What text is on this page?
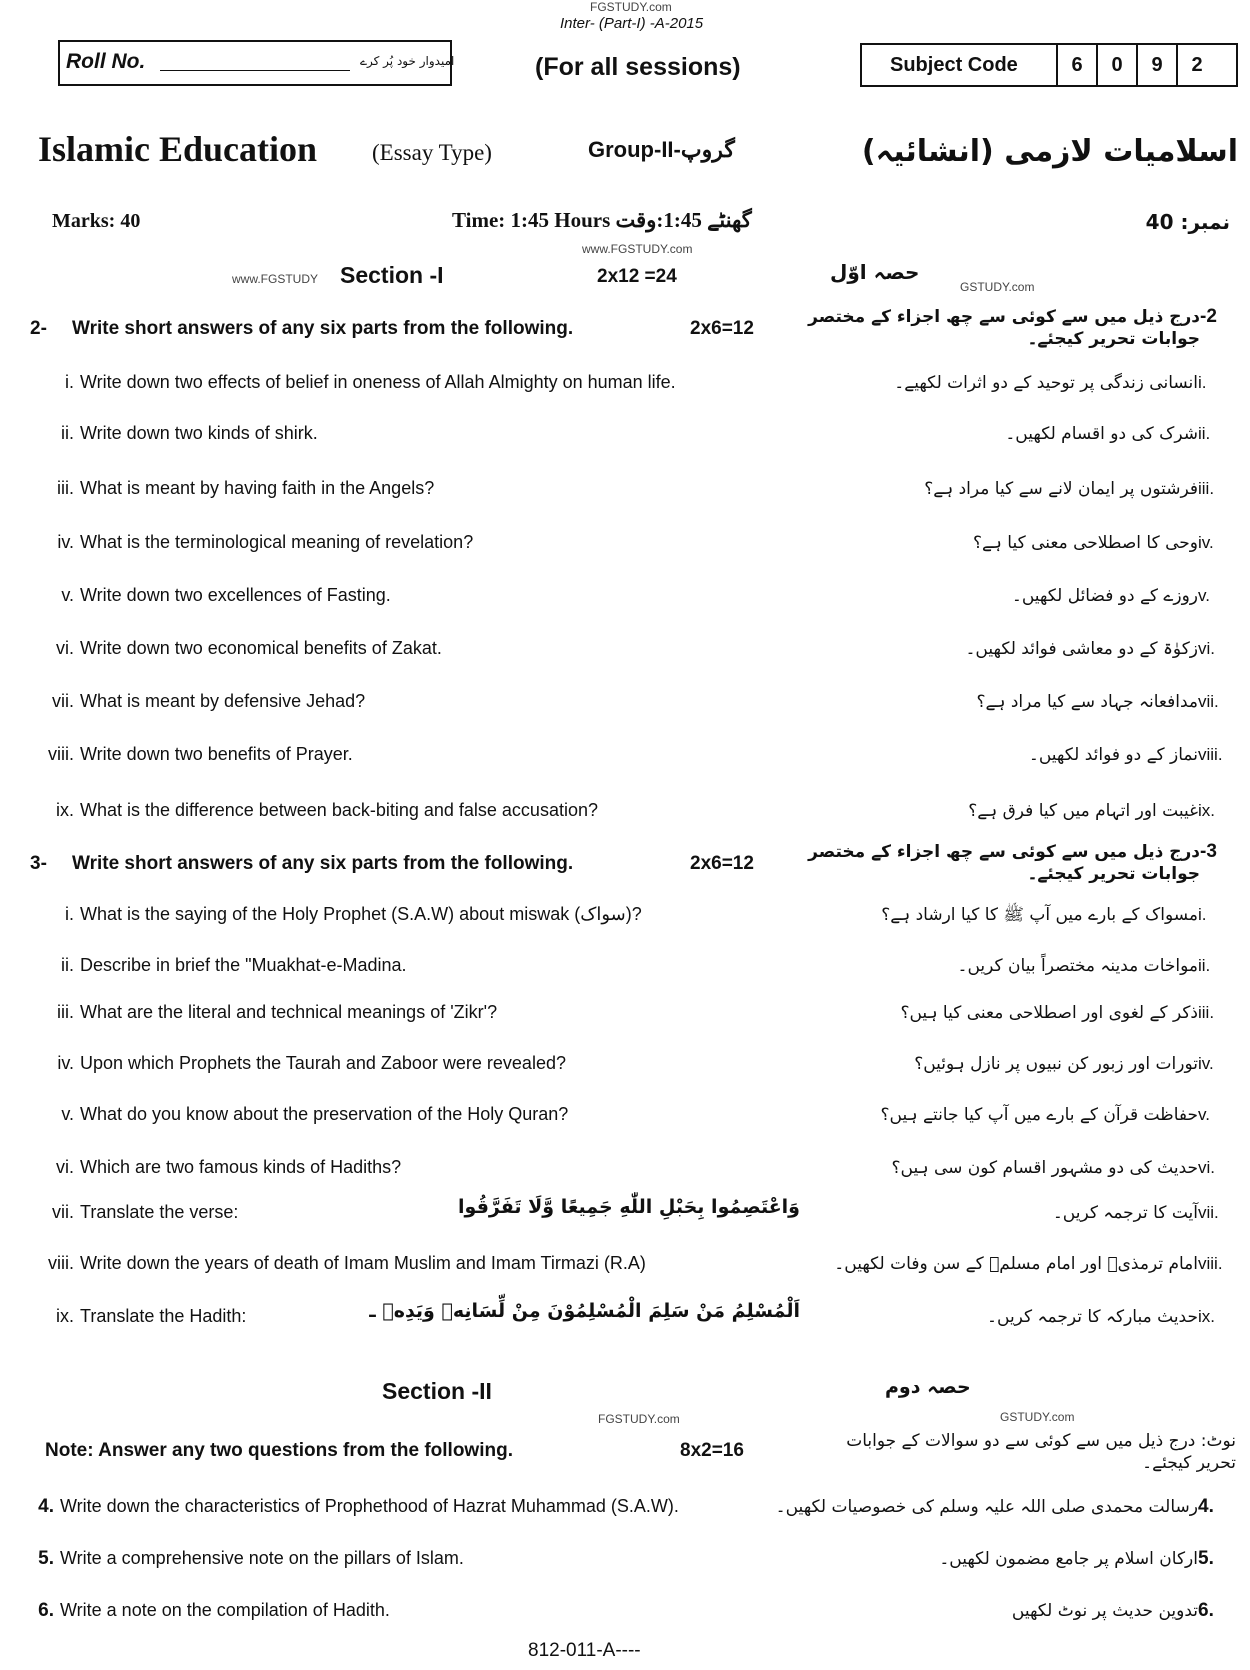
FGSTUDY.com
Inter- (Part-I) -A-2015
Roll No.	امیدوار خود پُر کرے	(For all sessions)	Subject Code	6	0	9	2
Islamic Education (Essay Type)	Group-II-گروپ	اسلامیات لازمی (انشائیہ)
Marks: 40	Time: 1:45 Hours گھنٹے 1:45:وقت
www.FGSTUDY.com
نمبر: 40
www.FGSTUDY Section -I	2x12 =24	حصہ اوّل
GSTUDY.com
2-	Write short answers of any six parts from the following.	2x6=12
-2
درج ذیل میں سے کوئی سے چھ اجزاء کے مختصر جوابات تحریر کیجئے۔
i. Write down two effects of belief in oneness of Allah Almighty on human life.	i.
انسانی زندگی پر توحید کے دو اثرات لکھیے۔
ii. Write down two kinds of shirk.	ii.
شرک کی دو اقسام لکھیں۔
iii. What is meant by having faith in the Angels?	iii.
فرشتوں پر ایمان لانے سے کیا مراد ہے؟
iv. What is the terminological meaning of revelation?	iv.
وحی کا اصطلاحی معنی کیا ہے؟
v. Write down two excellences of Fasting.	v.
روزے کے دو فضائل لکھیں۔
vi. Write down two economical benefits of Zakat.	vi.
زکوٰۃ کے دو معاشی فوائد لکھیں۔
vii. What is meant by defensive Jehad?	vii.
مدافعانہ جہاد سے کیا مراد ہے؟
viii. Write down two benefits of Prayer.	viii.
نماز کے دو فوائد لکھیں۔
ix. What is the difference between back-biting and false accusation?	ix.
غیبت اور اتہام میں کیا فرق ہے؟
3-	Write short answers of any six parts from the following.	2x6=12
-3
درج ذیل میں سے کوئی سے چھ اجزاء کے مختصر جوابات تحریر کیجئے۔
i. What is the saying of the Holy Prophet (S.A.W) about miswak (سواک)?	i.
مسواک کے بارے میں آپ ﷺ کا کیا ارشاد ہے؟
ii. Describe in brief the "Muakhat-e-Madina.	ii.
مواخات مدینہ مختصراً بیان کریں۔
iii. What are the literal and technical meanings of 'Zikr'?	iii.
ذکر کے لغوی اور اصطلاحی معنی کیا ہیں؟
iv. Upon which Prophets the Taurah and Zaboor were revealed?	iv.
تورات اور زبور کن نبیوں پر نازل ہوئیں؟
v. What do you know about the preservation of the Holy Quran?	v.
حفاظت قرآن کے بارے میں آپ کیا جانتے ہیں؟
vi. Which are two famous kinds of Hadiths?	vi.
حدیث کی دو مشہور اقسام کون سی ہیں؟
vii. Translate the verse:	وَاعْتَصِمُوا بِحَبْلِ اللّٰهِ جَمِيعًا وَّلَا تَفَرَّقُوا	vii.
آیت کا ترجمہ کریں۔
viii. Write down the years of death of Imam Muslim and Imam Tirmazi (R.A)	viii.
امام ترمذیؒ اور امام مسلمؒ کے سن وفات لکھیں۔
ix. Translate the Hadith:	اَلْمُسْلِمُ مَنْ سَلِمَ الْمُسْلِمُوْنَ مِنْ لِّسَانِهٖ وَيَدِهٖ ـ	ix.
حدیث مبارکہ کا ترجمہ کریں۔
Section -II	حصہ دوم
FGSTUDY.com	GSTUDY.com
Note: Answer any two questions from the following.	8x2=16	نوٹ: درج ذیل میں سے کوئی سے دو سوالات کے جوابات تحریر کیجئے۔
4. Write down the characteristics of Prophethood of Hazrat Muhammad (S.A.W).	4.
رسالت محمدی صلی اللہ علیہ وسلم کی خصوصیات لکھیں۔
5. Write a comprehensive note on the pillars of Islam.	5.
ارکان اسلام پر جامع مضمون لکھیں۔
6. Write a note on the compilation of Hadith.	6.
تدوین حدیث پر نوٹ لکھیں
812-011-A----
